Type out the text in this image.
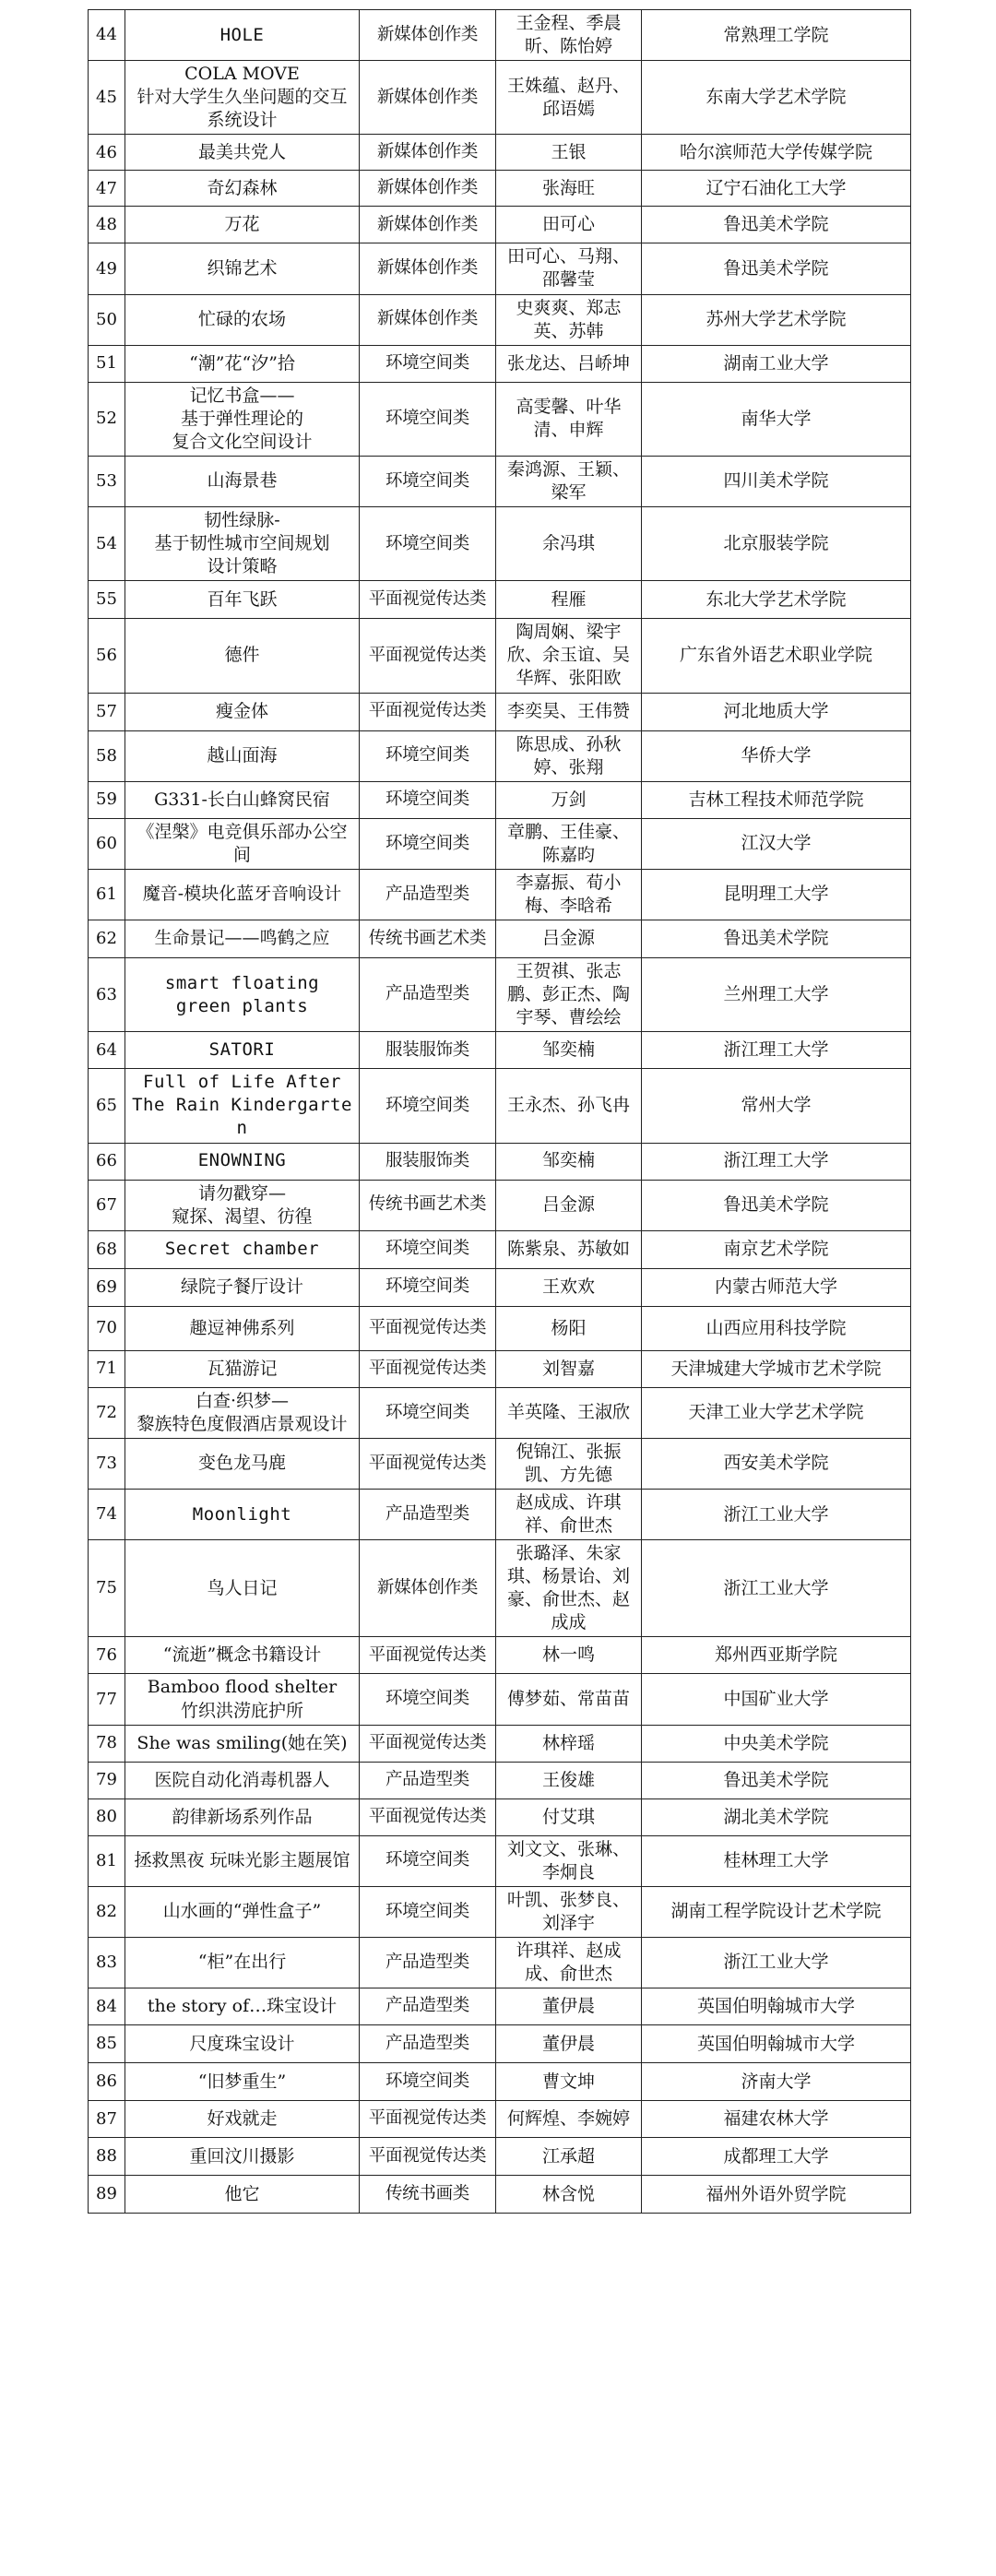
44	HOLE	新媒体创作类	王金程、季晨昕、陈怡婷	常熟理工学院
45	COLA MOVE
针对大学生久坐问题的交互系统设计	新媒体创作类	王姝蕴、赵丹、邱语嫣	东南大学艺术学院
46	最美共党人	新媒体创作类	王银	哈尔滨师范大学传媒学院
47	奇幻森林	新媒体创作类	张海旺	辽宁石油化工大学
48	万花	新媒体创作类	田可心	鲁迅美术学院
49	织锦艺术	新媒体创作类	田可心、马翔、邵馨莹	鲁迅美术学院
50	忙碌的农场	新媒体创作类	史爽爽、郑志英、苏韩	苏州大学艺术学院
51	“潮”花“汐”拾	环境空间类	张龙达、吕峤坤	湖南工业大学
52	记忆书盒——
基于弹性理论的
复合文化空间设计	环境空间类	高雯馨、叶华清、申辉	南华大学
53	山海景巷	环境空间类	秦鸿源、王颖、梁军	四川美术学院
54	韧性绿脉-
基于韧性城市空间规划
设计策略	环境空间类	余冯琪	北京服装学院
55	百年飞跃	平面视觉传达类	程雁	东北大学艺术学院
56	德件	平面视觉传达类	陶周娴、梁宇欣、余玉谊、吴华辉、张阳欧	广东省外语艺术职业学院
57	瘦金体	平面视觉传达类	李奕昊、王伟赞	河北地质大学
58	越山面海	环境空间类	陈思成、孙秋婷、张翔	华侨大学
59	G331-长白山蜂窝民宿	环境空间类	万剑	吉林工程技术师范学院
60	《涅槃》电竞俱乐部办公空间	环境空间类	章鹏、王佳豪、陈嘉昀	江汉大学
61	魔音-模块化蓝牙音响设计	产品造型类	李嘉振、荀小梅、李晗希	昆明理工大学
62	生命景记——鸣鹤之应	传统书画艺术类	吕金源	鲁迅美术学院
63	smart floating
green plants	产品造型类	王贺祺、张志鹏、彭正杰、陶宇琴、曹绘绘	兰州理工大学
64	SATORI	服装服饰类	邹奕楠	浙江理工大学
65	Full of Life After
The Rain Kindergarten	环境空间类	王永杰、孙飞冉	常州大学
66	ENOWNING	服装服饰类	邹奕楠	浙江理工大学
67	请勿戳穿—
窥探、渴望、彷徨	传统书画艺术类	吕金源	鲁迅美术学院
68	Secret chamber	环境空间类	陈紫泉、苏敏如	南京艺术学院
69	绿院子餐厅设计	环境空间类	王欢欢	内蒙古师范大学
70	趣逗神佛系列	平面视觉传达类	杨阳	山西应用科技学院
71	瓦猫游记	平面视觉传达类	刘智嘉	天津城建大学城市艺术学院
72	白查·织梦—
黎族特色度假酒店景观设计	环境空间类	羊英隆、王淑欣	天津工业大学艺术学院
73	变色龙马鹿	平面视觉传达类	倪锦江、张振凯、方先德	西安美术学院
74	Moonlight	产品造型类	赵成成、许琪祥、俞世杰	浙江工业大学
75	鸟人日记	新媒体创作类	张璐泽、朱家琪、杨景诒、刘豪、俞世杰、赵成成	浙江工业大学
76	“流逝”概念书籍设计	平面视觉传达类	林一鸣	郑州西亚斯学院
77	Bamboo flood shelter
竹织洪涝庇护所	环境空间类	傅梦茹、常苗苗	中国矿业大学
78	She was smiling(她在笑)	平面视觉传达类	林梓瑶	中央美术学院
79	医院自动化消毒机器人	产品造型类	王俊雄	鲁迅美术学院
80	韵律新场系列作品	平面视觉传达类	付艾琪	湖北美术学院
81	拯救黑夜 玩味光影主题展馆	环境空间类	刘文文、张琳、李炯良	桂林理工大学
82	山水画的“弹性盒子”	环境空间类	叶凯、张梦良、刘泽宇	湖南工程学院设计艺术学院
83	“柜”在出行	产品造型类	许琪祥、赵成成、俞世杰	浙江工业大学
84	the story of…珠宝设计	产品造型类	董伊晨	英国伯明翰城市大学
85	尺度珠宝设计	产品造型类	董伊晨	英国伯明翰城市大学
86	“旧梦重生”	环境空间类	曹文坤	济南大学
87	好戏就走	平面视觉传达类	何辉煌、李婉婷	福建农林大学
88	重回汶川摄影	平面视觉传达类	江承超	成都理工大学
89	他它	传统书画类	林含悦	福州外语外贸学院
